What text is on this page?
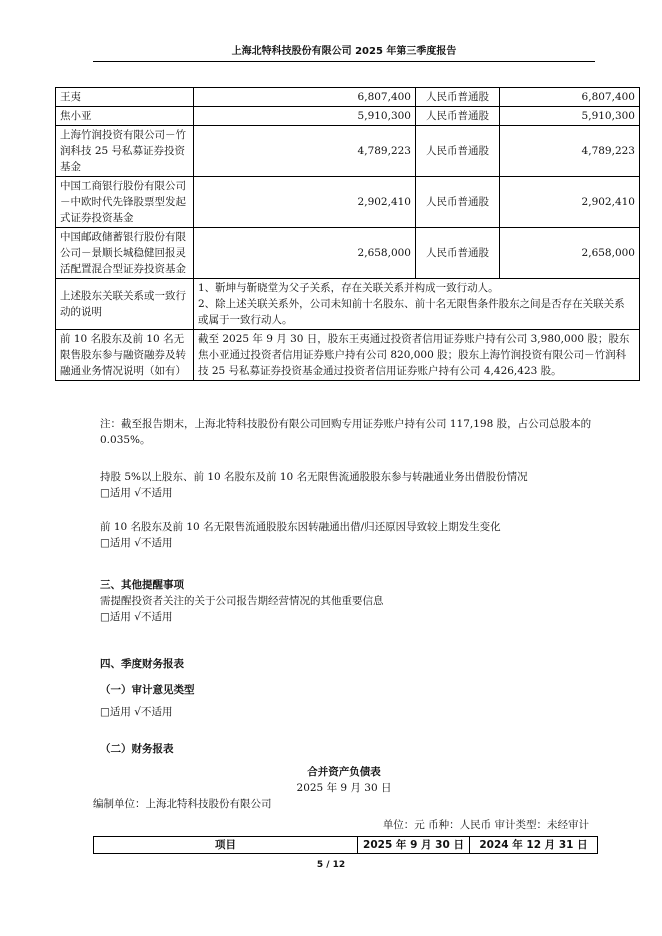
上海北特科技股份有限公司 2025 年第三季度报告
王夷	6,807,400	人民币普通股	6,807,400
焦小亚	5,910,300	人民币普通股	5,910,300
上海竹润投资有限公司－竹润科技 25 号私募证券投资基金	4,789,223	人民币普通股	4,789,223
中国工商银行股份有限公司－中欧时代先锋股票型发起式证券投资基金	2,902,410	人民币普通股	2,902,410
中国邮政储蓄银行股份有限公司－景顺长城稳健回报灵活配置混合型证券投资基金	2,658,000	人民币普通股	2,658,000
上述股东关联关系或一致行动的说明	1、靳坤与靳晓堂为父子关系，存在关联关系并构成一致行动人。
2、除上述关联关系外，公司未知前十名股东、前十名无限售条件股东之间是否存在关联关系或属于一致行动人。		

前 10 名股东及前 10 名无限售股东参与融资融券及转融通业务情况说明（如有）	截至 2025 年 9 月 30 日，股东王夷通过投资者信用证券账户持有公司 3,980,000 股；股东焦小亚通过投资者信用证券账户持有公司 820,000 股；股东上海竹润投资有限公司－竹润科技 25 号私募证券投资基金通过投资者信用证券账户持有公司 4,426,423 股。		

注：截至报告期末，上海北特科技股份有限公司回购专用证券账户持有公司 117,198 股，占公司总股本的 0.035%。

持股 5%以上股东、前 10 名股东及前 10 名无限售流通股股东参与转融通业务出借股份情况

□适用 √不适用

前 10 名股东及前 10 名无限售流通股股东因转融通出借/归还原因导致较上期发生变化

□适用 √不适用

三、其他提醒事项

需提醒投资者关注的关于公司报告期经营情况的其他重要信息

□适用 √不适用

四、季度财务报表

（一）审计意见类型

□适用 √不适用

（二）财务报表

合并资产负债表
2025 年 9 月 30 日
编制单位：上海北特科技股份有限公司
单位：元 币种：人民币 审计类型：未经审计
项目	2025 年 9 月 30 日	2024 年 12 月 31 日
5 / 12
